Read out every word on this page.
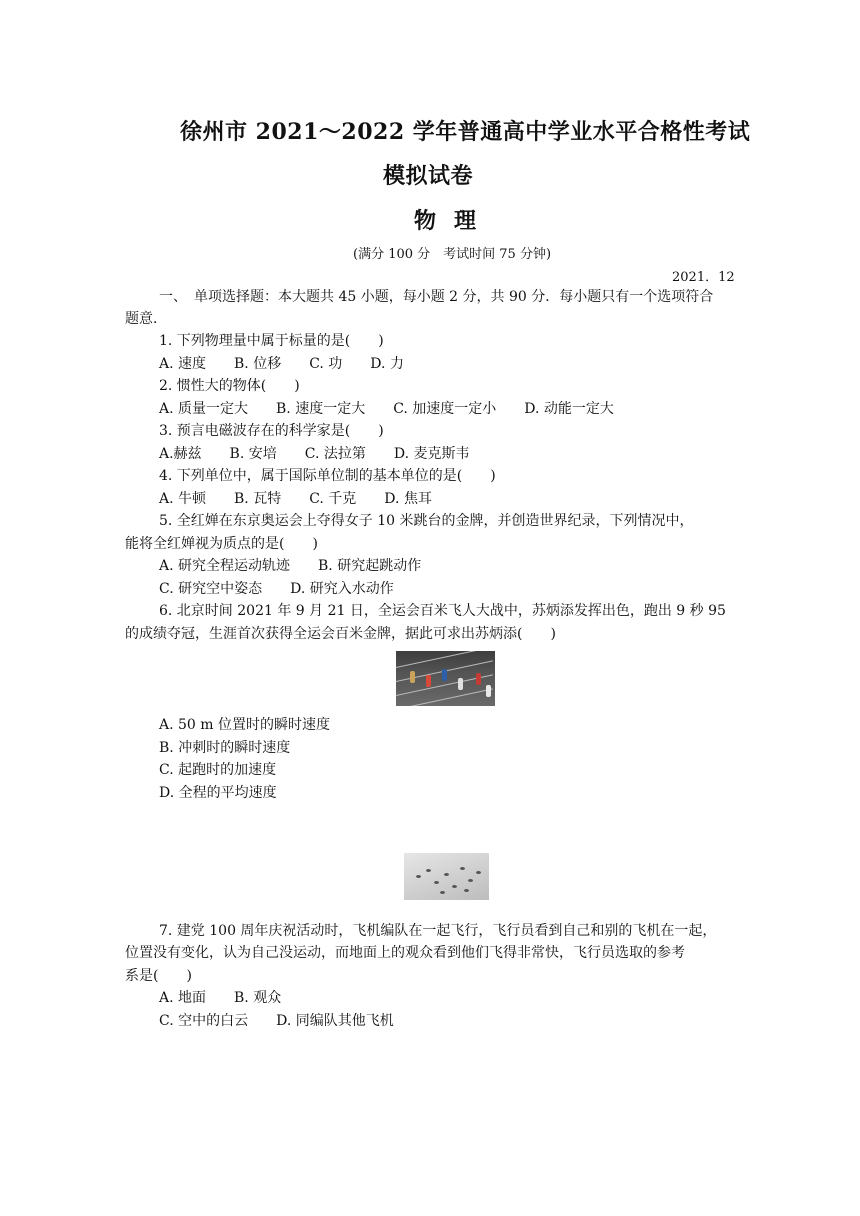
徐州市 2021～2022 学年普通高中学业水平合格性考试
模拟试卷
物理
(满分 100 分　考试时间 75 分钟)
2021．12
一、　单项选择题：本大题共 45 小题，每小题 2 分，共 90 分．每小题只有一个选项符合
题意．
1. 下列物理量中属于标量的是(　　)
A. 速度　　B. 位移　　C. 功　　D. 力
2. 惯性大的物体(　　)
A. 质量一定大　　B. 速度一定大　　C. 加速度一定小　　D. 动能一定大
3. 预言电磁波存在的科学家是(　　)
A.赫兹　　B. 安培　　C. 法拉第　　D. 麦克斯韦
4. 下列单位中，属于国际单位制的基本单位的是(　　)
A. 牛顿　　B. 瓦特　　C. 千克　　D. 焦耳
5. 全红婵在东京奥运会上夺得女子 10 米跳台的金牌，并创造世界纪录，下列情况中，
能将全红婵视为质点的是(　　)
A. 研究全程运动轨迹　　B. 研究起跳动作
C. 研究空中姿态　　D. 研究入水动作
6. 北京时间 2021 年 9 月 21 日，全运会百米飞人大战中，苏炳添发挥出色，跑出 9 秒 95
的成绩夺冠，生涯首次获得全运会百米金牌，据此可求出苏炳添(　　)
A. 50 m 位置时的瞬时速度
B. 冲刺时的瞬时速度
C. 起跑时的加速度
D. 全程的平均速度
7. 建党 100 周年庆祝活动时，飞机编队在一起飞行，飞行员看到自己和别的飞机在一起，
位置没有变化，认为自己没运动，而地面上的观众看到他们飞得非常快，飞行员选取的参考
系是(　　)
A. 地面　　B. 观众
C. 空中的白云　　D. 同编队其他飞机
